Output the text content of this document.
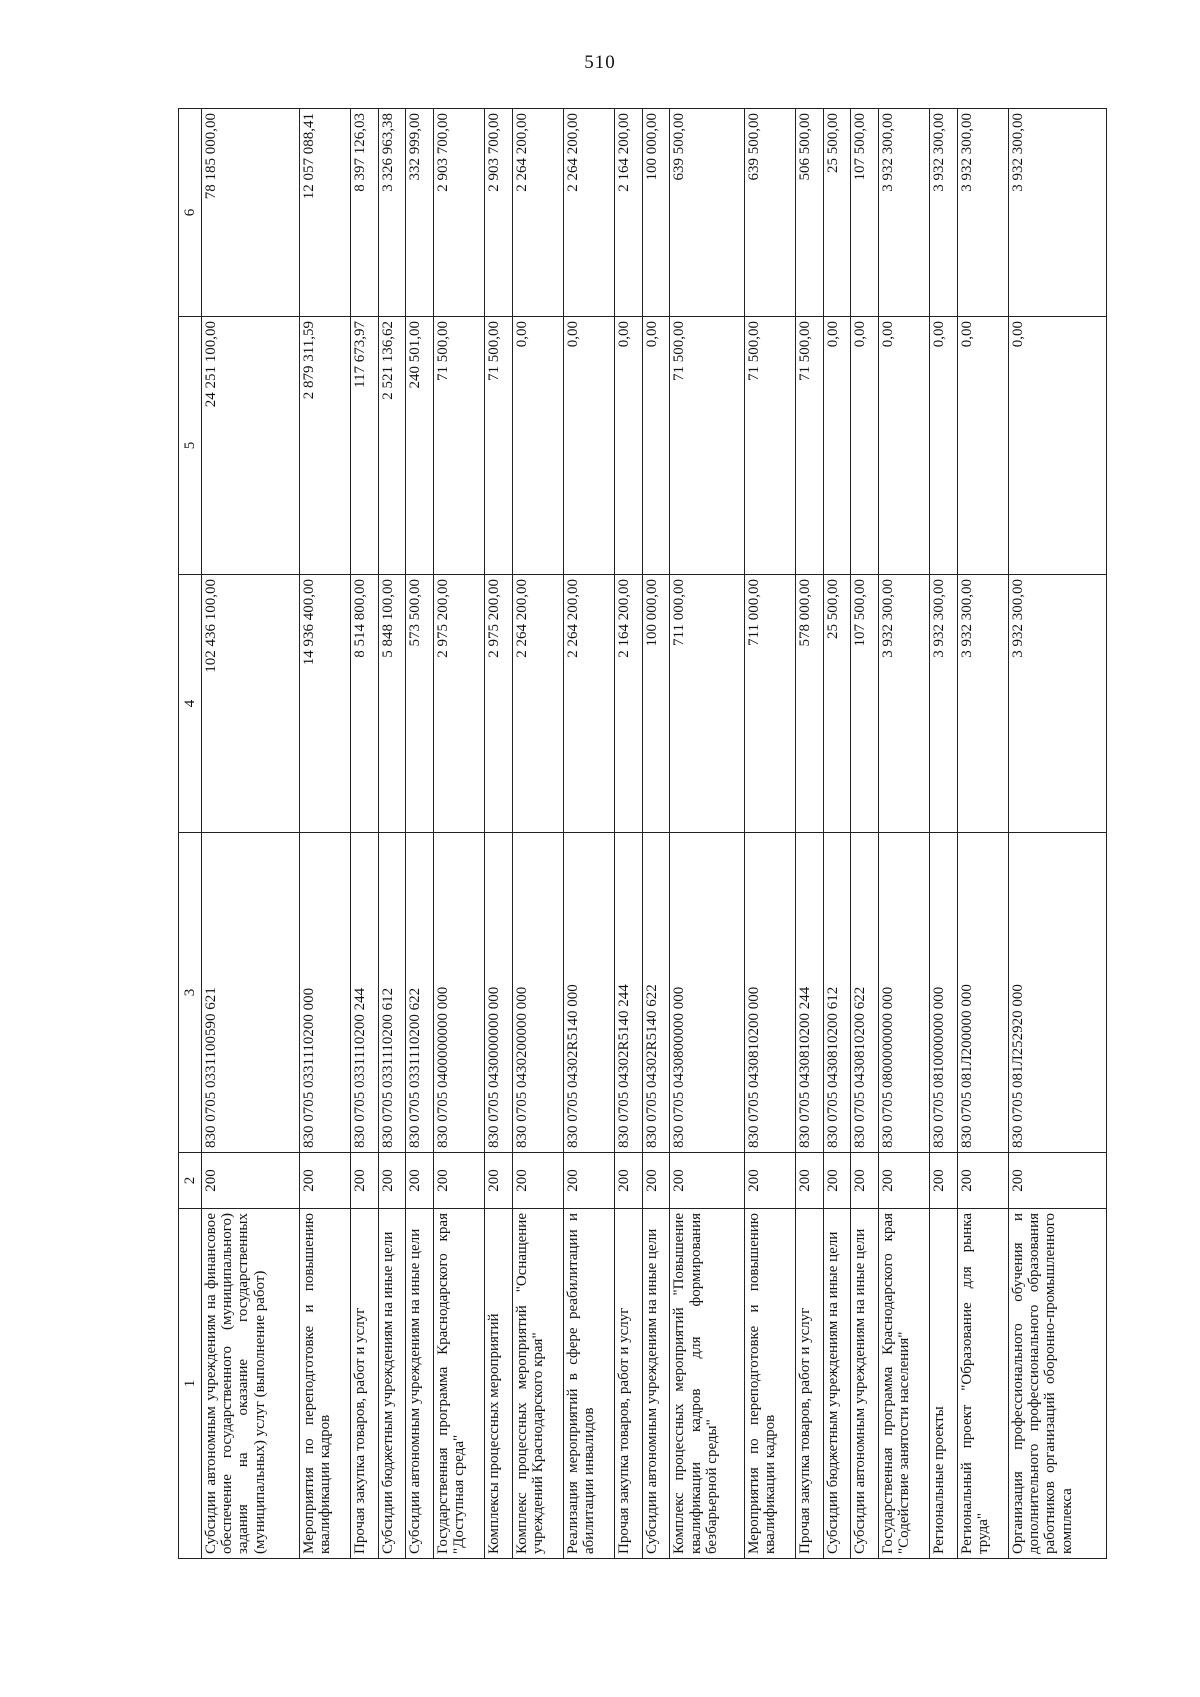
510
1	2	3	4	5	6
Субсидии автономным учреждениям на финансовое обеспечение государственного (муниципального) задания на оказание государственных (муниципальных) услуг (выполнение работ)	200	830 0705 0331100590 621	102 436 100,00	24 251 100,00	78 185 000,00
Мероприятия по переподготовке и повышению квалификации кадров	200	830 0705 0331110200 000	14 936 400,00	2 879 311,59	12 057 088,41
Прочая закупка товаров, работ и услуг	200	830 0705 0331110200 244	8 514 800,00	117 673,97	8 397 126,03
Субсидии бюджетным учреждениям на иные цели	200	830 0705 0331110200 612	5 848 100,00	2 521 136,62	3 326 963,38
Субсидии автономным учреждениям на иные цели	200	830 0705 0331110200 622	573 500,00	240 501,00	332 999,00
Государственная программа Краснодарского края "Доступная среда"	200	830 0705 0400000000 000	2 975 200,00	71 500,00	2 903 700,00
Комплексы процессных мероприятий	200	830 0705 0430000000 000	2 975 200,00	71 500,00	2 903 700,00
Комплекс процессных мероприятий "Оснащение учреждений Краснодарского края"	200	830 0705 0430200000 000	2 264 200,00	0,00	2 264 200,00
Реализация мероприятий в сфере реабилитации и абилитации инвалидов	200	830 0705 04302R5140 000	2 264 200,00	0,00	2 264 200,00
Прочая закупка товаров, работ и услуг	200	830 0705 04302R5140 244	2 164 200,00	0,00	2 164 200,00
Субсидии автономным учреждениям на иные цели	200	830 0705 04302R5140 622	100 000,00	0,00	100 000,00
Комплекс процессных мероприятий "Повышение квалификации кадров для формирования безбарьерной среды"	200	830 0705 0430800000 000	711 000,00	71 500,00	639 500,00
Мероприятия по переподготовке и повышению квалификации кадров	200	830 0705 0430810200 000	711 000,00	71 500,00	639 500,00
Прочая закупка товаров, работ и услуг	200	830 0705 0430810200 244	578 000,00	71 500,00	506 500,00
Субсидии бюджетным учреждениям на иные цели	200	830 0705 0430810200 612	25 500,00	0,00	25 500,00
Субсидии автономным учреждениям на иные цели	200	830 0705 0430810200 622	107 500,00	0,00	107 500,00
Государственная программа Краснодарского края "Содействие занятости населения"	200	830 0705 0800000000 000	3 932 300,00	0,00	3 932 300,00
Региональные проекты	200	830 0705 0810000000 000	3 932 300,00	0,00	3 932 300,00
Региональный проект "Образование для рынка труда"	200	830 0705 081Л200000 000	3 932 300,00	0,00	3 932 300,00
Организация профессионального обучения и дополнительного профессионального образования работников организаций оборонно-промышленного комплекса	200	830 0705 081Л252920 000	3 932 300,00	0,00	3 932 300,00
